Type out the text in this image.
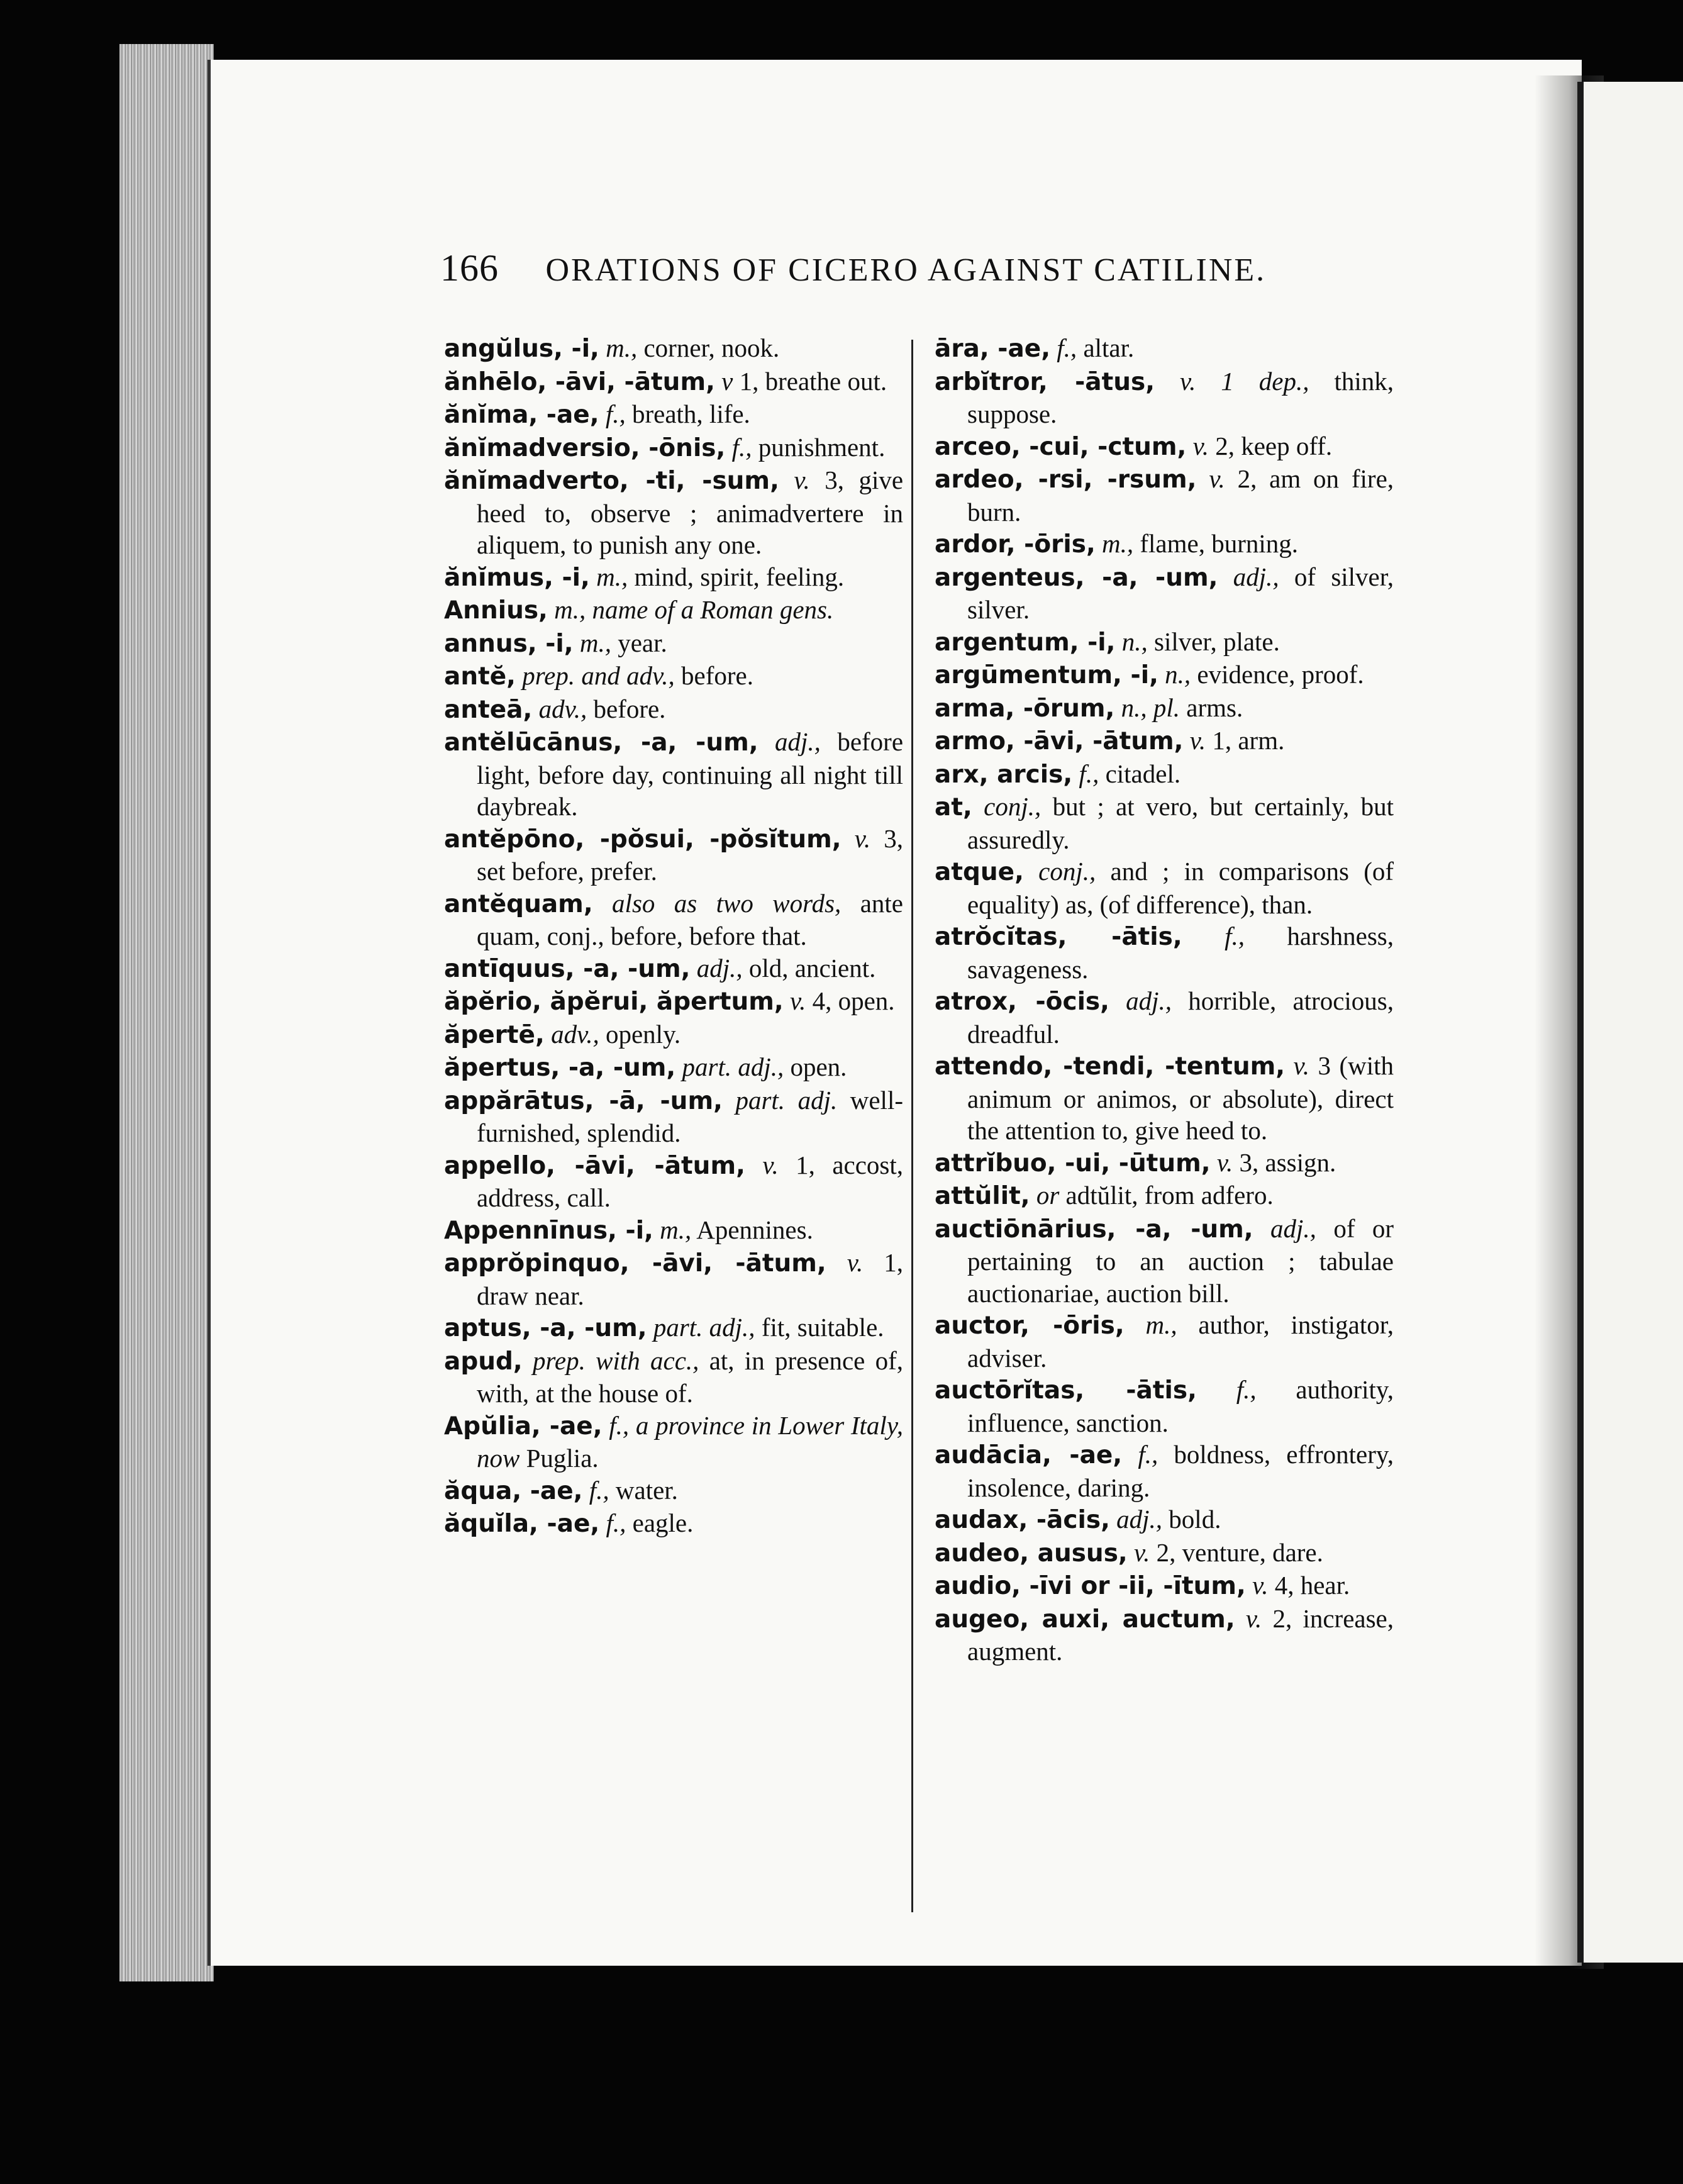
166 ORATIONS OF CICERO AGAINST CATILINE.
angŭlus, -i, m., corner, nook.
ănhēlo, -āvi, -ātum, v 1, breathe out.
ănĭma, -ae, f., breath, life.
ănĭmadversio, -ōnis, f., punishment.
ănĭmadverto, -ti, -sum, v. 3, give heed to, observe ; animadvertere in aliquem, to punish any one.
ănĭmus, -i, m., mind, spirit, feeling.
Annius, m., name of a Roman gens.
annus, -i, m., year.
antĕ, prep. and adv., before.
anteā, adv., before.
antĕlūcānus, -a, -um, adj., before light, before day, continuing all night till daybreak.
antĕpōno, -pŏsui, -pŏsĭtum, v. 3, set before, prefer.
antĕquam, also as two words, ante quam, conj., before, before that.
antīquus, -a, -um, adj., old, ancient.
ăpĕrio, ăpĕrui, ăpertum, v. 4, open.
ăpertē, adv., openly.
ăpertus, -a, -um, part. adj., open.
appărātus, -ā, -um, part. adj. well-furnished, splendid.
appello, -āvi, -ātum, v. 1, accost, address, call.
Appennīnus, -i, m., Apennines.
apprŏpinquo, -āvi, -ātum, v. 1, draw near.
aptus, -a, -um, part. adj., fit, suitable.
apud, prep. with acc., at, in presence of, with, at the house of.
Apŭlia, -ae, f., a province in Lower Italy, now Puglia.
ăqua, -ae, f., water.
ăquĭla, -ae, f., eagle.
āra, -ae, f., altar.
arbĭtror, -ātus, v. 1 dep., think, suppose.
arceo, -cui, -ctum, v. 2, keep off.
ardeo, -rsi, -rsum, v. 2, am on fire, burn.
ardor, -ōris, m., flame, burning.
argenteus, -a, -um, adj., of silver, silver.
argentum, -i, n., silver, plate.
argūmentum, -i, n., evidence, proof.
arma, -ōrum, n., pl. arms.
armo, -āvi, -ātum, v. 1, arm.
arx, arcis, f., citadel.
at, conj., but ; at vero, but certainly, but assuredly.
atque, conj., and ; in comparisons (of equality) as, (of difference), than.
atrŏcĭtas, -ātis, f., harshness, savageness.
atrox, -ōcis, adj., horrible, atrocious, dreadful.
attendo, -tendi, -tentum, v. 3 (with animum or animos, or absolute), direct the attention to, give heed to.
attrĭbuo, -ui, -ūtum, v. 3, assign.
attŭlit, or adtŭlit, from adfero.
auctiōnārius, -a, -um, adj., of or pertaining to an auction ; tabulae auctionariae, auction bill.
auctor, -ōris, m., author, instigator, adviser.
auctōrĭtas, -ātis, f., authority, influence, sanction.
audācia, -ae, f., boldness, effrontery, insolence, daring.
audax, -ācis, adj., bold.
audeo, ausus, v. 2, venture, dare.
audio, -īvi or -ii, -ītum, v. 4, hear.
augeo, auxi, auctum, v. 2, increase, augment.
